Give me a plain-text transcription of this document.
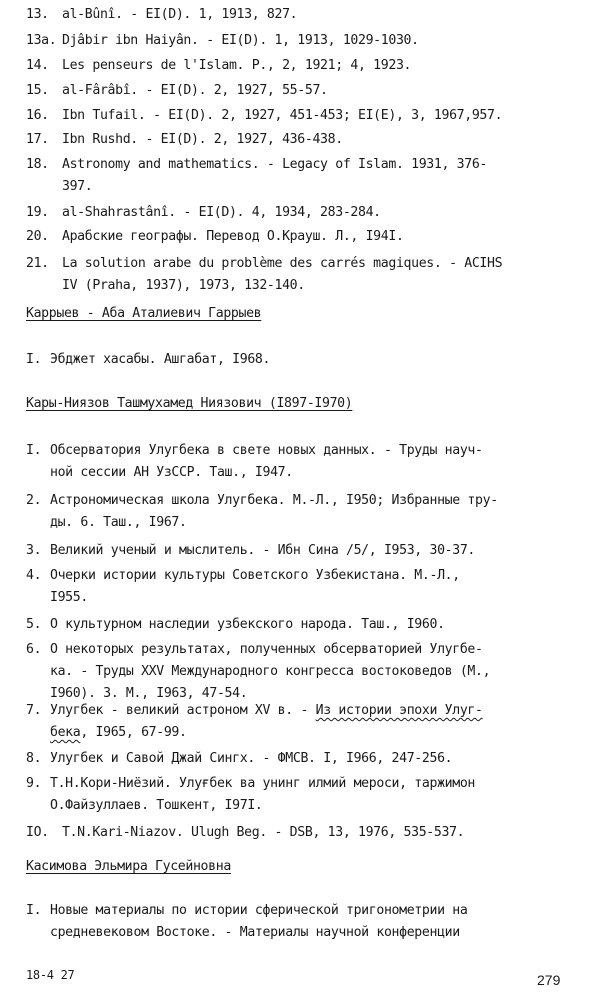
13. al-Bûnî. - EI(D). 1, 1913, 827.
13a. Djâbir ibn Haiyân. - EI(D). 1, 1913, 1029-1030.
14. Les penseurs de l'Islam. P., 2, 1921; 4, 1923.
15. al-Fârâbî. - EI(D). 2, 1927, 55-57.
16. Ibn Tufail. - EI(D). 2, 1927, 451-453; EI(E), 3, 1967,957.
17. Ibn Rushd. - EI(D). 2, 1927, 436-438.
18. Astronomy and mathematics. - Legacy of Islam. 1931, 376-
397.
19. al-Shahrastânî. - EI(D). 4, 1934, 283-284.
20. Арабские географы. Перевод О.Крауш. Л., I94I.
21. La solution arabe du problème des carrés magiques. - ACIHS
IV (Praha, 1937), 1973, 132-140.
Каррыев - Аба Аталиевич Гаррыев
I. Эбджет хасабы. Ашгабат, I968.
Кары-Ниязов Ташмухамед Ниязович (I897-I970)
I. Обсерватория Улугбека в свете новых данных. - Труды науч-
ной сессии АН УзССР. Таш., I947.
2. Астрономическая школа Улугбека. М.-Л., I950; Избранные тру-
ды. 6. Таш., I967.
3. Великий ученый и мыслитель. - Ибн Сина /5/, I953, 30-37.
4. Очерки истории культуры Советского Узбекистана. М.-Л.,
I955.
5. О культурном наследии узбекского народа. Таш., I960.
6. О некоторых результатах, полученных обсерваторией Улугбе-
ка. - Труды XXV Международного конгресса востоковедов (М.,
I960). 3. М., I963, 47-54.
7. Улугбек - великий астроном XV в. - Из истории эпохи Улуг-
бека, I965, 67-99.
8. Улугбек и Савой Джай Сингх. - ФМСВ. I, I966, 247-256.
9. Т.Н.Кори-Ниёзий. Улуғбек ва унинг илмий мероси, таржимон
О.Файзуллаев. Тошкент, I97I.
IO. T.N.Kari-Niazov. Ulugh Beg. - DSB, 13, 1976, 535-537.
Касимова Эльмира Гусейновна
I. Новые материалы по истории сферической тригонометрии на
средневековом Востоке. - Материалы научной конференции
18-4 27	279
